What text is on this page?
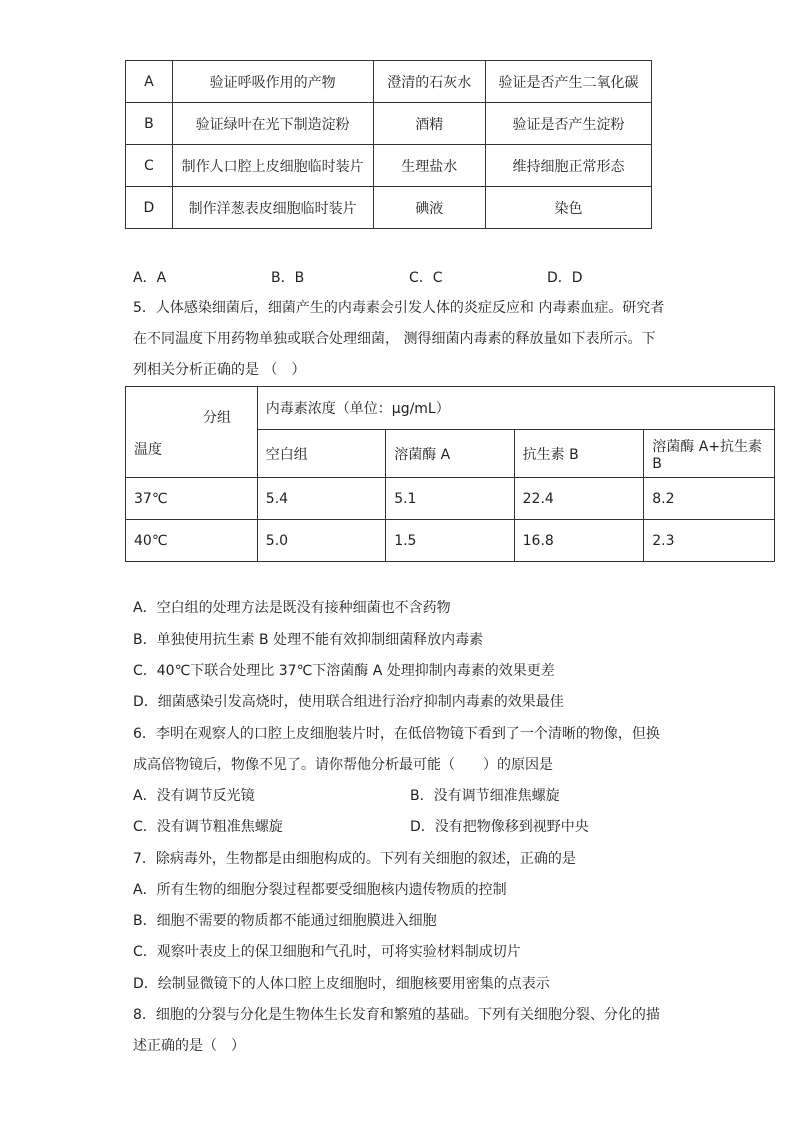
A	验证呼吸作用的产物	澄清的石灰水	验证是否产生二氧化碳
B	验证绿叶在光下制造淀粉	酒精	验证是否产生淀粉
C	制作人口腔上皮细胞临时装片	生理盐水	维持细胞正常形态
D	制作洋葱表皮细胞临时装片	碘液	染色
A．A	B．B	C．C	D．D
5．人体感染细菌后，细菌产生的内毒素会引发人体的炎症反应和 内毒素血症。研究者
在不同温度下用药物单独或联合处理细菌， 测得细菌内毒素的释放量如下表所示。下
列相关分析正确的是 （　）
分组
温度	内毒素浓度（单位：μg/mL）			
	空白组	溶菌酶 A	抗生素 B	溶菌酶 A+抗生素 B
37℃	5.4	5.1	22.4	8.2
40℃	5.0	1.5	16.8	2.3
A．空白组的处理方法是既没有接种细菌也不含药物
B．单独使用抗生素 B 处理不能有效抑制细菌释放内毒素
C．40℃下联合处理比 37℃下溶菌酶 A 处理抑制内毒素的效果更差
D．细菌感染引发高烧时，使用联合组进行治疗抑制内毒素的效果最佳
6．李明在观察人的口腔上皮细胞装片时，在低倍物镜下看到了一个清晰的物像，但换
成高倍物镜后，物像不见了。请你帮他分析最可能（　　）的原因是
A．没有调节反光镜	B．没有调节细准焦螺旋
C．没有调节粗准焦螺旋	D．没有把物像移到视野中央
7．除病毒外，生物都是由细胞构成的。下列有关细胞的叙述，正确的是
A．所有生物的细胞分裂过程都要受细胞核内遗传物质的控制
B．细胞不需要的物质都不能通过细胞膜进入细胞
C．观察叶表皮上的保卫细胞和气孔时，可将实验材料制成切片
D．绘制显微镜下的人体口腔上皮细胞时，细胞核要用密集的点表示
8．细胞的分裂与分化是生物体生长发育和繁殖的基础。下列有关细胞分裂、分化的描
述正确的是（　）
